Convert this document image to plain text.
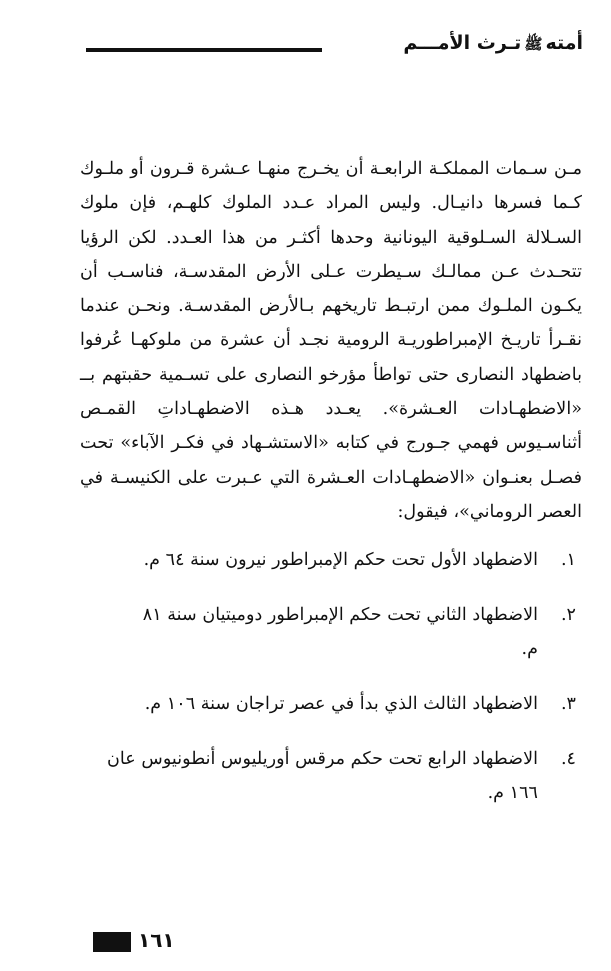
أمتهﷺتـرث الأمـــم

مـن سـمات المملكـة الرابعـة أن يخـرج منهـا عـشرة قـرون أو ملـوك كـما فسرها دانيـال. وليس المراد عـدد الملوك كلهـم، فإن ملوك السـلالة السـلوقية اليونانية وحدها أكثـر من هذا العـدد. لكن الرؤيا تتحـدث عـن ممالـك سـيطرت عـلى الأرض المقدسـة، فناسـب أن يكـون الملـوك ممن ارتبـط تاريخهم بـالأرض المقدسـة. ونحـن عندما نقـرأ تاريـخ الإمبراطوريـة الرومية نجـد أن عشرة من ملوكهـا عُرفوا باضطهاد النصارى حتى تواطأ مؤرخو النصارى على تسـمية حقبتهم بــ «الاضطهـادات العـشرة». يعـدد هـذه الاضطهـاداتِ القمـص أثناسـيوس فهمي جـورج في كتابه «الاستشـهاد في فكـر الآباء» تحت فصـل بعنـوان «الاضطهـادات العـشرة التي عـبرت على الكنيسـة في العصر الروماني»، فيقول:

١.
الاضطهاد الأول تحت حكم الإمبراطور نيرون سنة ٦٤ م.
٢.
الاضطهاد الثاني تحت حكم الإمبراطور دوميتيان سنة ٨١ م.
٣.
الاضطهاد الثالث الذي بدأ في عصر تراجان سنة ١٠٦ م.
٤.
الاضطهاد الرابع تحت حكم مرقس أوريليوس أنطونيوس عان ١٦٦ م.
١٦١
